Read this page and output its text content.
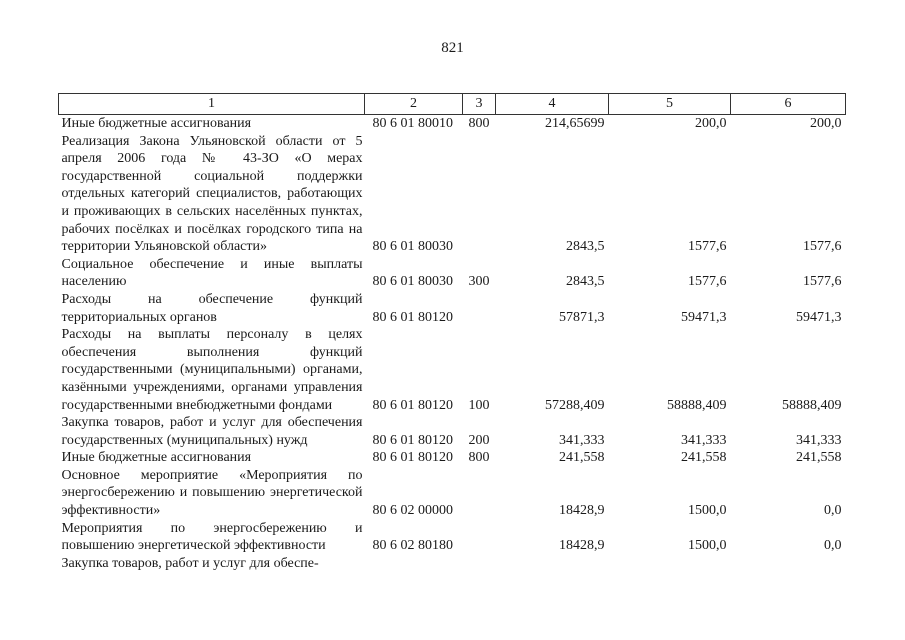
821
1	2	3	4	5	6
Иные бюджетные ассигнования	80 6 01 80010	800	214,65699	200,0	200,0
Реализация Закона Ульяновской области от 5 апреля 2006 года № 43-ЗО «О мерах государственной социальной поддержки отдельных категорий специалистов, работающих и проживающих в сельских населённых пунктах, рабочих посёлках и посёлках городского типа на территории Ульяновской области»	80 6 01 80030		2843,5	1577,6	1577,6
Социальное обеспечение и иные выплаты населению	80 6 01 80030	300	2843,5	1577,6	1577,6
Расходы на обеспечение функций территориальных органов	80 6 01 80120		57871,3	59471,3	59471,3
Расходы на выплаты персоналу в целях обеспечения выполнения функций государственными (муниципальными) органами, казёнными учреждениями, органами управления государственными внебюджетными фондами	80 6 01 80120	100	57288,409	58888,409	58888,409
Закупка товаров, работ и услуг для обеспечения государственных (муниципальных) нужд	80 6 01 80120	200	341,333	341,333	341,333
Иные бюджетные ассигнования	80 6 01 80120	800	241,558	241,558	241,558
Основное мероприятие «Мероприятия по энергосбережению и повышению энергетической эффективности»	80 6 02 00000		18428,9	1500,0	0,0
Мероприятия по энергосбережению и повышению энергетической эффективности	80 6 02 80180		18428,9	1500,0	0,0
Закупка товаров, работ и услуг для обеспе-					
